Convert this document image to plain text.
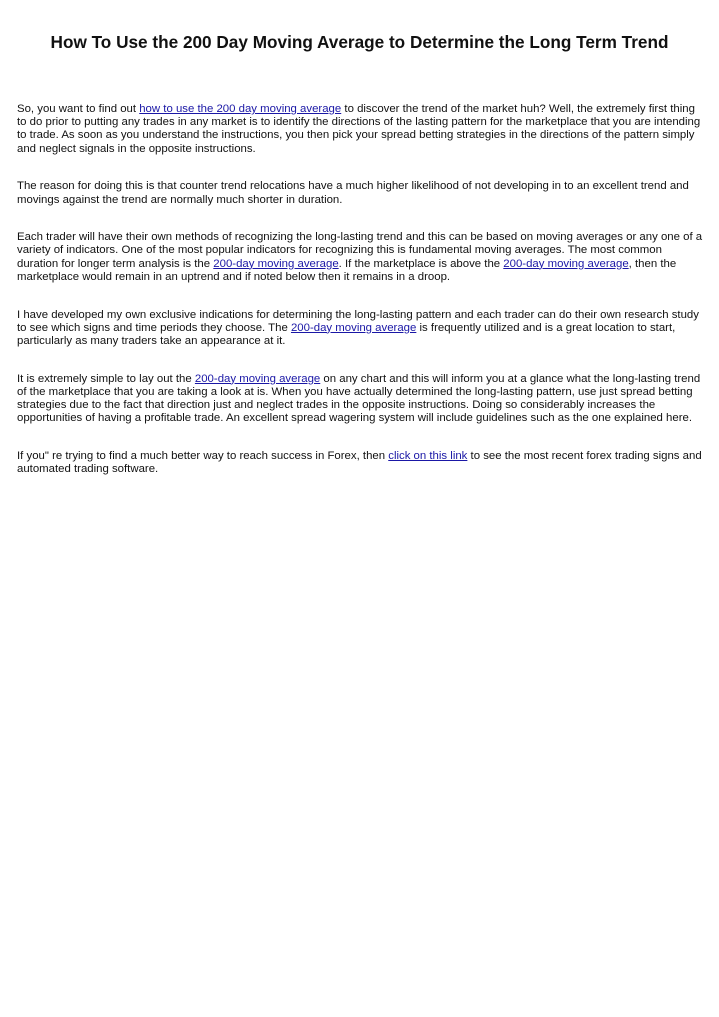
How To Use the 200 Day Moving Average to Determine the Long Term Trend

So, you want to find out how to use the 200 day moving average to discover the trend of the market huh? Well, the extremely first thing to do prior to putting any trades in any market is to identify the directions of the lasting pattern for the marketplace that you are intending to trade. As soon as you understand the instructions, you then pick your spread betting strategies in the directions of the pattern simply and neglect signals in the opposite instructions.

The reason for doing this is that counter trend relocations have a much higher likelihood of not developing in to an excellent trend and movings against the trend are normally much shorter in duration.

Each trader will have their own methods of recognizing the long-lasting trend and this can be based on moving averages or any one of a variety of indicators. One of the most popular indicators for recognizing this is fundamental moving averages. The most common duration for longer term analysis is the 200-day moving average. If the marketplace is above the 200-day moving average, then the marketplace would remain in an uptrend and if noted below then it remains in a droop.

I have developed my own exclusive indications for determining the long-lasting pattern and each trader can do their own research study to see which signs and time periods they choose. The 200-day moving average is frequently utilized and is a great location to start, particularly as many traders take an appearance at it.

It is extremely simple to lay out the 200-day moving average on any chart and this will inform you at a glance what the long-lasting trend of the marketplace that you are taking a look at is. When you have actually determined the long-lasting pattern, use just spread betting strategies due to the fact that direction just and neglect trades in the opposite instructions. Doing so considerably increases the opportunities of having a profitable trade. An excellent spread wagering system will include guidelines such as the one explained here.

If you" re trying to find a much better way to reach success in Forex, then click on this link to see the most recent forex trading signs and automated trading software.
